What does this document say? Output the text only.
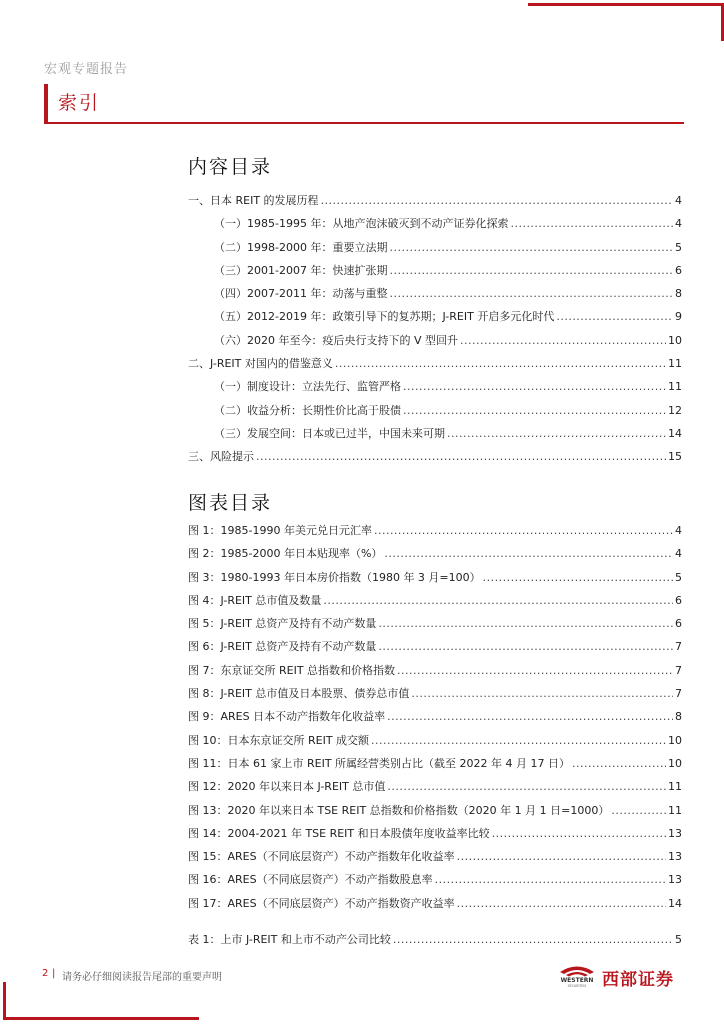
宏观专题报告
索引
内容目录
一、日本 REIT 的发展历程 .....	4
（一）1985-1995 年：从地产泡沫破灭到不动产证券化探索 .....	4
（二）1998-2000 年：重要立法期 .....	5
（三）2001-2007 年：快速扩张期 .....	6
（四）2007-2011 年：动荡与重整 .....	8
（五）2012-2019 年：政策引导下的复苏期；J-REIT 开启多元化时代 .....	9
（六）2020 年至今：疫后央行支持下的 V 型回升 .....	10
二、J-REIT 对国内的借鉴意义 .....	11
（一）制度设计：立法先行、监管严格 .....	11
（二）收益分析：长期性价比高于股债 .....	12
（三）发展空间：日本或已过半，中国未来可期 .....	14
三、风险提示 .....	15
图表目录
图 1：1985-1990 年美元兑日元汇率 .....	4
图 2：1985-2000 年日本贴现率（%） .....	4
图 3：1980-1993 年日本房价指数（1980 年 3 月=100） .....	5
图 4：J-REIT 总市值及数量 .....	6
图 5：J-REIT 总资产及持有不动产数量 .....	6
图 6：J-REIT 总资产及持有不动产数量 .....	7
图 7：东京证交所 REIT 总指数和价格指数 .....	7
图 8：J-REIT 总市值及日本股票、债券总市值 .....	7
图 9：ARES 日本不动产指数年化收益率 .....	8
图 10：日本东京证交所 REIT 成交额 .....	10
图 11：日本 61 家上市 REIT 所属经营类别占比（截至 2022 年 4 月 17 日） .....	10
图 12：2020 年以来日本 J-REIT 总市值 .....	11
图 13：2020 年以来日本 TSE REIT 总指数和价格指数（2020 年 1 月 1 日=1000） .....	11
图 14：2004-2021 年 TSE REIT 和日本股债年度收益率比较 .....	13
图 15：ARES（不同底层资产）不动产指数年化收益率 .....	13
图 16：ARES（不同底层资产）不动产指数股息率 .....	13
图 17：ARES（不同底层资产）不动产指数资产收益率 .....	14
表 1：上市 J-REIT 和上市不动产公司比较 .....	5
2 | 请务必仔细阅读报告尾部的重要声明	WESTERN
SECURITIES 西部证券
